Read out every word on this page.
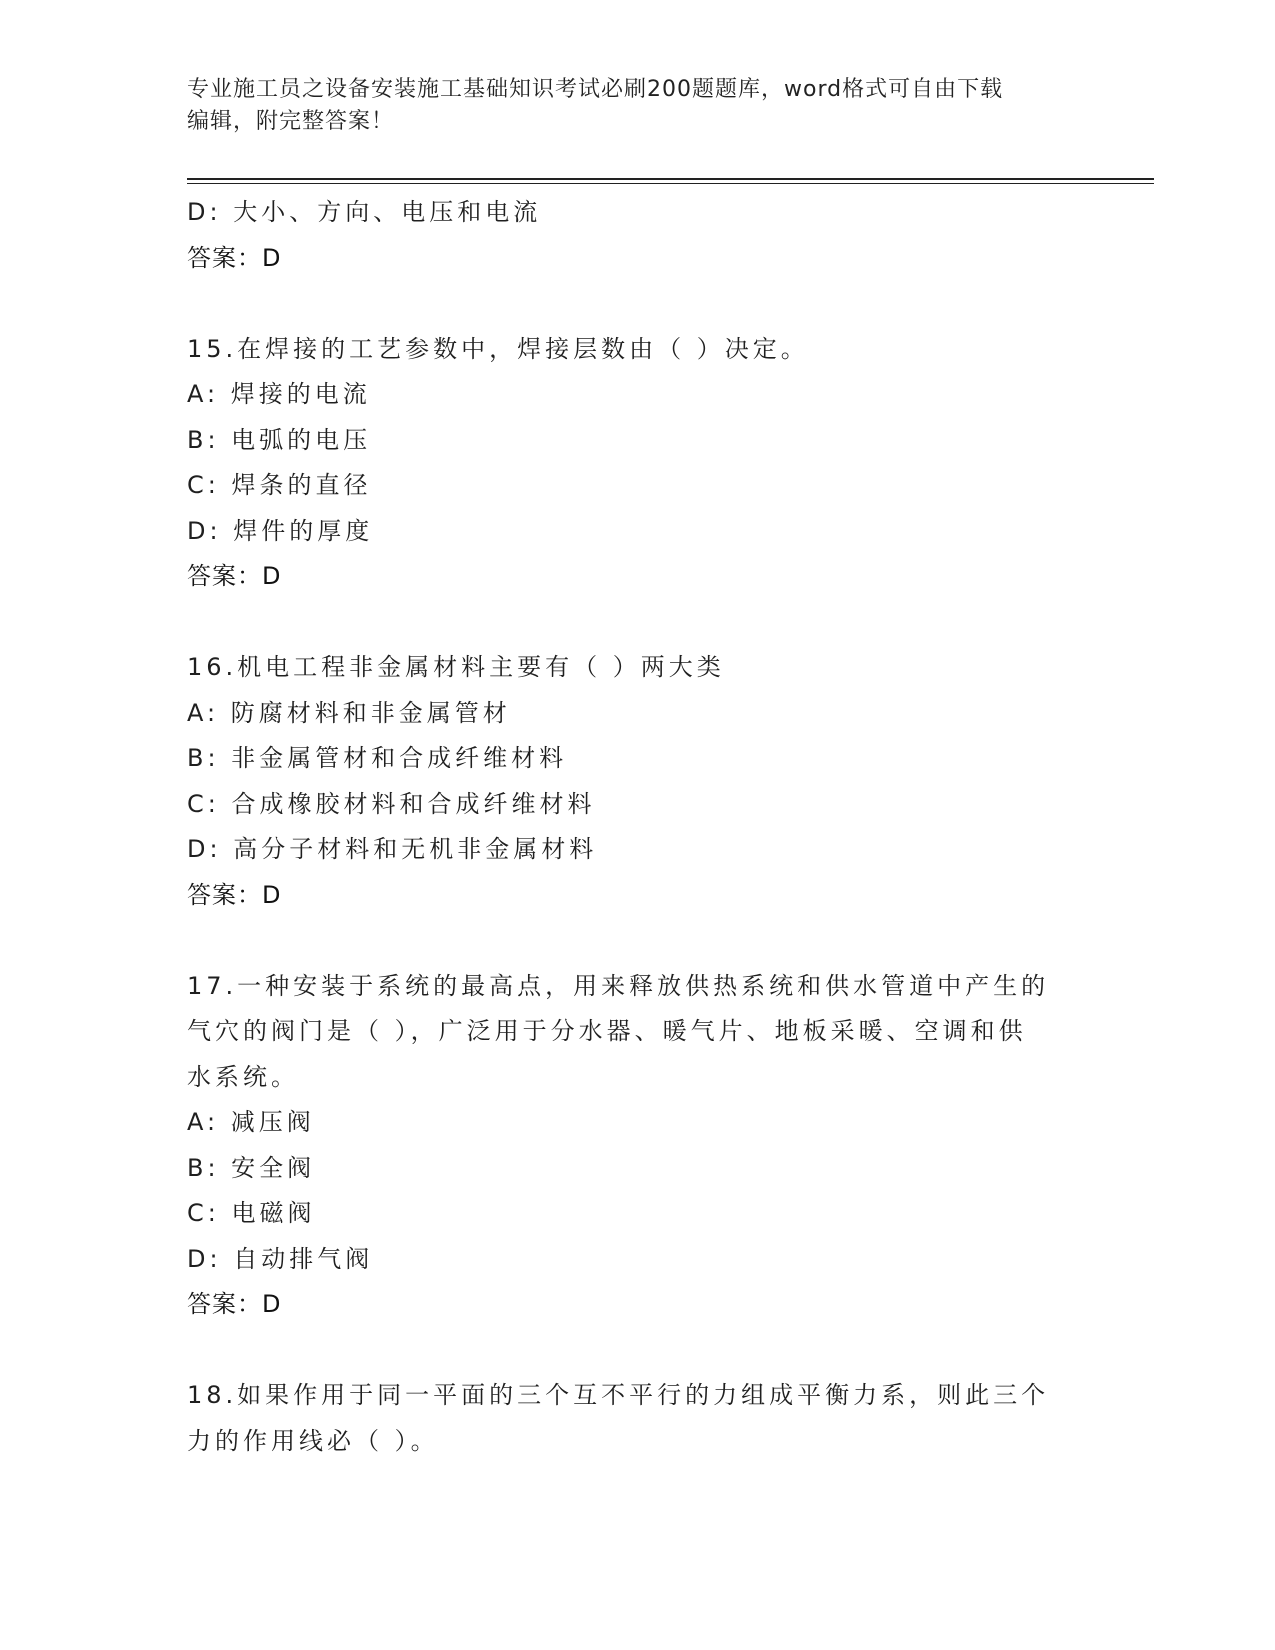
专业施工员之设备安装施工基础知识考试必刷200题题库，word格式可自由下载
编辑，附完整答案！
D: 大小、方向、电压和电流
答案：D
15.在焊接的工艺参数中，焊接层数由（ ）决定。
A: 焊接的电流
B: 电弧的电压
C: 焊条的直径
D: 焊件的厚度
答案：D
16.机电工程非金属材料主要有（ ）两大类
A: 防腐材料和非金属管材
B: 非金属管材和合成纤维材料
C: 合成橡胶材料和合成纤维材料
D: 高分子材料和无机非金属材料
答案：D
17.一种安装于系统的最高点，用来释放供热系统和供水管道中产生的
气穴的阀门是（ ），广泛用于分水器、暖气片、地板采暖、空调和供
水系统。
A: 减压阀
B: 安全阀
C: 电磁阀
D: 自动排气阀
答案：D
18.如果作用于同一平面的三个互不平行的力组成平衡力系，则此三个
力的作用线必（ ）。
